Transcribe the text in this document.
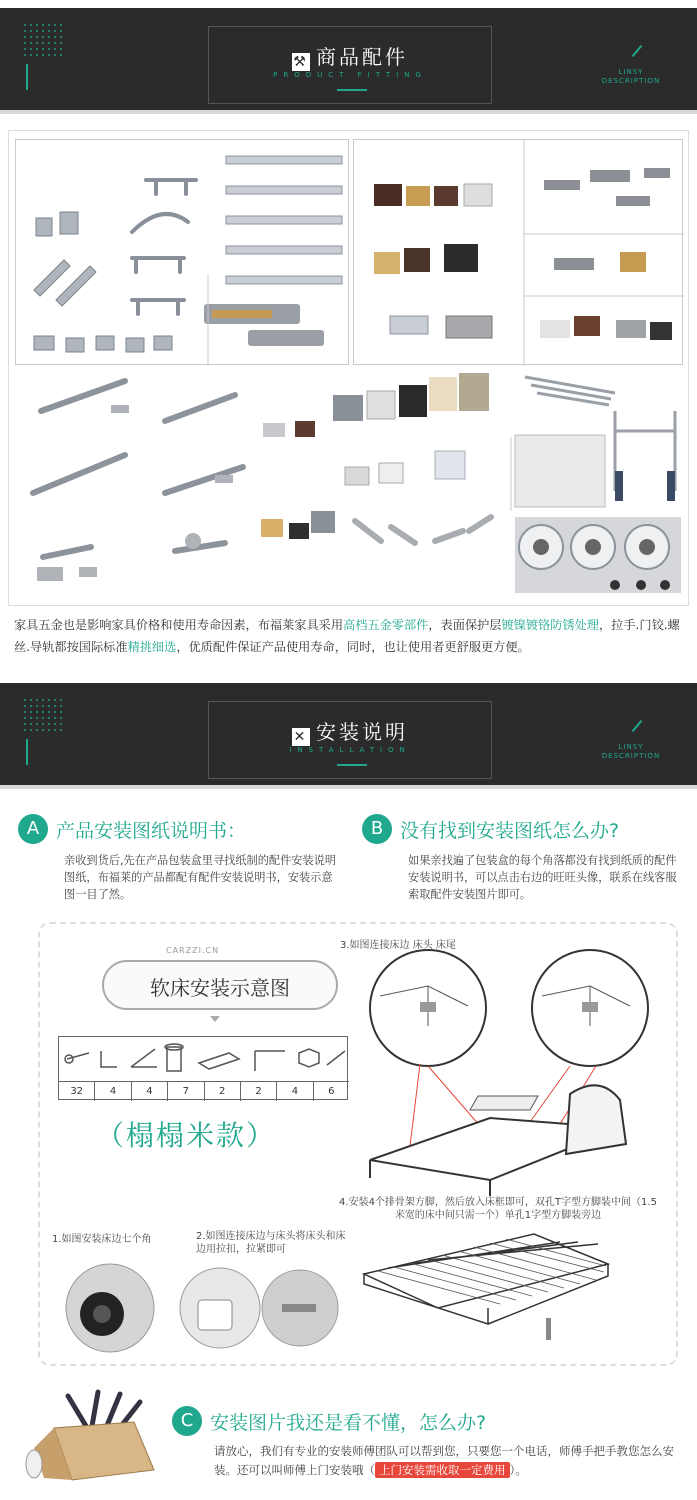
⚒ 商品配件
PRODUCT FITTING	LINSY
DESCRIPTION
家具五金也是影响家具价格和使用寿命因素，布福莱家具采用高档五金零部件，表面保护层镀镍镀铬防锈处理，拉手.门铰.螺丝.导轨都按国际标准精挑细选，优质配件保证产品使用寿命，同时，也让使用者更舒服更方便。
✕ 安装说明
INSTALLATION	LINSY
DESCRIPTION
A 产品安装图纸说明书：
亲收到货后,先在产品包装盒里寻找纸制的配件安装说明图纸，布福莱的产品都配有配件安装说明书，安装示意图一目了然。
B 没有找到安装图纸怎么办?
如果亲找遍了包装盒的每个角落都没有找到纸质的配件安装说明书，可以点击右边的旺旺头像，联系在线客服索取配件安装图片即可。
CARZZI.CN
软床安装示意图
32	4	4	7	2	2	4	6
（榻榻米款）
3.如图连接床边 床头 床尾
4.安装4个排骨架方脚，然后放入床框即可，双孔T字型方脚装中间（1.5米宽的床中间只需一个）单孔1字型方脚装旁边
1.如图安装床边七个角	2.如图连接床边与床头将床头和床边用拉扣，拉紧即可
C 安装图片我还是看不懂，怎么办?
请放心，我们有专业的安装师傅团队可以帮到您，只要您一个电话，师傅手把手教您怎么安装。还可以叫师傅上门安装哦（ 上门安装需收取一定费用 ）。
